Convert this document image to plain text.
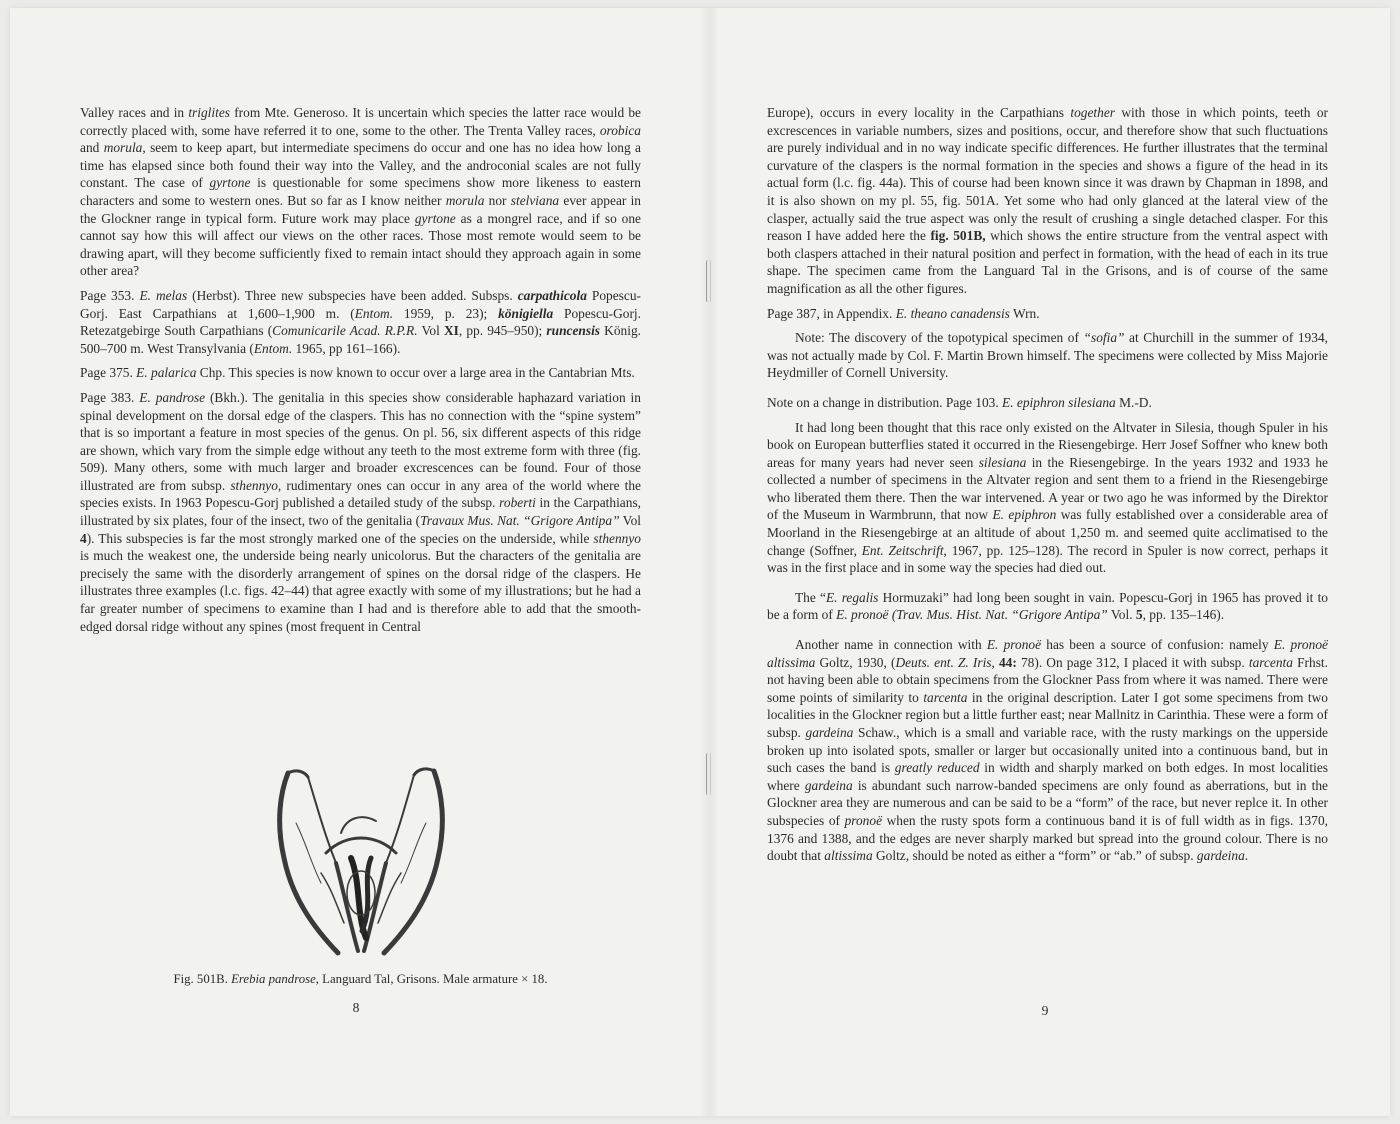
Valley races and in triglites from Mte. Generoso. It is uncertain which species the latter race would be correctly placed with, some have referred it to one, some to the other. The Trenta Valley races, orobica and morula, seem to keep apart, but intermediate specimens do occur and one has no idea how long a time has elapsed since both found their way into the Valley, and the androconial scales are not fully constant. The case of gyrtone is questionable for some specimens show more likeness to eastern characters and some to western ones. But so far as I know neither morula nor stelviana ever appear in the Glockner range in typical form. Future work may place gyrtone as a mongrel race, and if so one cannot say how this will affect our views on the other races. Those most remote would seem to be drawing apart, will they become sufficiently fixed to remain intact should they approach again in some other area?

Page 353. E. melas (Herbst). Three new subspecies have been added. Subsps. carpathicola Popescu-Gorj. East Carpathians at 1,600–1,900 m. (Entom. 1959, p. 23); königiella Popescu-Gorj. Retezatgebirge South Carpathians (Comunicarile Acad. R.P.R. Vol XI, pp. 945–950); runcensis König. 500–700 m. West Transylvania (Entom. 1965, pp 161–166).

Page 375. E. palarica Chp. This species is now known to occur over a large area in the Cantabrian Mts.

Page 383. E. pandrose (Bkh.). The genitalia in this species show considerable haphazard variation in spinal development on the dorsal edge of the claspers. This has no connection with the “spine system” that is so important a feature in most species of the genus. On pl. 56, six different aspects of this ridge are shown, which vary from the simple edge without any teeth to the most extreme form with three (fig. 509). Many others, some with much larger and broader excrescences can be found. Four of those illustrated are from subsp. sthennyo, rudimentary ones can occur in any area of the world where the species exists. In 1963 Popescu-Gorj published a detailed study of the subsp. roberti in the Carpathians, illustrated by six plates, four of the insect, two of the genitalia (Travaux Mus. Nat. “Grigore Antipa” Vol 4). This subspecies is far the most strongly marked one of the species on the underside, while sthennyo is much the weakest one, the underside being nearly unicolorus. But the characters of the genitalia are precisely the same with the disorderly arrangement of spines on the dorsal ridge of the claspers. He illustrates three examples (l.c. figs. 42–44) that agree exactly with some of my illustrations; but he had a far greater number of specimens to examine than I had and is therefore able to add that the smooth-edged dorsal ridge without any spines (most frequent in Central

Fig. 501B. Erebia pandrose, Languard Tal, Grisons. Male armature × 18.
8

Europe), occurs in every locality in the Carpathians together with those in which points, teeth or excrescences in variable numbers, sizes and positions, occur, and therefore show that such fluctuations are purely individual and in no way indicate specific differences. He further illustrates that the terminal curvature of the claspers is the normal formation in the species and shows a figure of the head in its actual form (l.c. fig. 44a). This of course had been known since it was drawn by Chapman in 1898, and it is also shown on my pl. 55, fig. 501A. Yet some who had only glanced at the lateral view of the clasper, actually said the true aspect was only the result of crushing a single detached clasper. For this reason I have added here the fig. 501B, which shows the entire structure from the ventral aspect with both claspers attached in their natural position and perfect in formation, with the head of each in its true shape. The specimen came from the Languard Tal in the Grisons, and is of course of the same magnification as all the other figures.

Page 387, in Appendix. E. theano canadensis Wrn.

Note: The discovery of the topotypical specimen of “sofia” at Churchill in the summer of 1934, was not actually made by Col. F. Martin Brown himself. The specimens were collected by Miss Majorie Heydmiller of Cornell University.

Note on a change in distribution. Page 103. E. epiphron silesiana M.-D.

It had long been thought that this race only existed on the Altvater in Silesia, though Spuler in his book on European butterflies stated it occurred in the Riesengebirge. Herr Josef Soffner who knew both areas for many years had never seen silesiana in the Riesengebirge. In the years 1932 and 1933 he collected a number of specimens in the Altvater region and sent them to a friend in the Riesengebirge who liberated them there. Then the war intervened. A year or two ago he was informed by the Direktor of the Museum in Warmbrunn, that now E. epiphron was fully established over a considerable area of Moorland in the Riesengebirge at an altitude of about 1,250 m. and seemed quite acclimatised to the change (Soffner, Ent. Zeitschrift, 1967, pp. 125–128). The record in Spuler is now correct, perhaps it was in the first place and in some way the species had died out.

The “E. regalis Hormuzaki” had long been sought in vain. Popescu-Gorj in 1965 has proved it to be a form of E. pronoë (Trav. Mus. Hist. Nat. “Grigore Antipa” Vol. 5, pp. 135–146).

Another name in connection with E. pronoë has been a source of confusion: namely E. pronoë altissima Goltz, 1930, (Deuts. ent. Z. Iris, 44: 78). On page 312, I placed it with subsp. tarcenta Frhst. not having been able to obtain specimens from the Glockner Pass from where it was named. There were some points of similarity to tarcenta in the original description. Later I got some specimens from two localities in the Glockner region but a little further east; near Mallnitz in Carinthia. These were a form of subsp. gardeina Schaw., which is a small and variable race, with the rusty markings on the upperside broken up into isolated spots, smaller or larger but occasionally united into a continuous band, but in such cases the band is greatly reduced in width and sharply marked on both edges. In most localities where gardeina is abundant such narrow-banded specimens are only found as aberrations, but in the Glockner area they are numerous and can be said to be a “form” of the race, but never replce it. In other subspecies of pronoë when the rusty spots form a continuous band it is of full width as in figs. 1370, 1376 and 1388, and the edges are never sharply marked but spread into the ground colour. There is no doubt that altissima Goltz, should be noted as either a “form” or “ab.” of subsp. gardeina.

9
